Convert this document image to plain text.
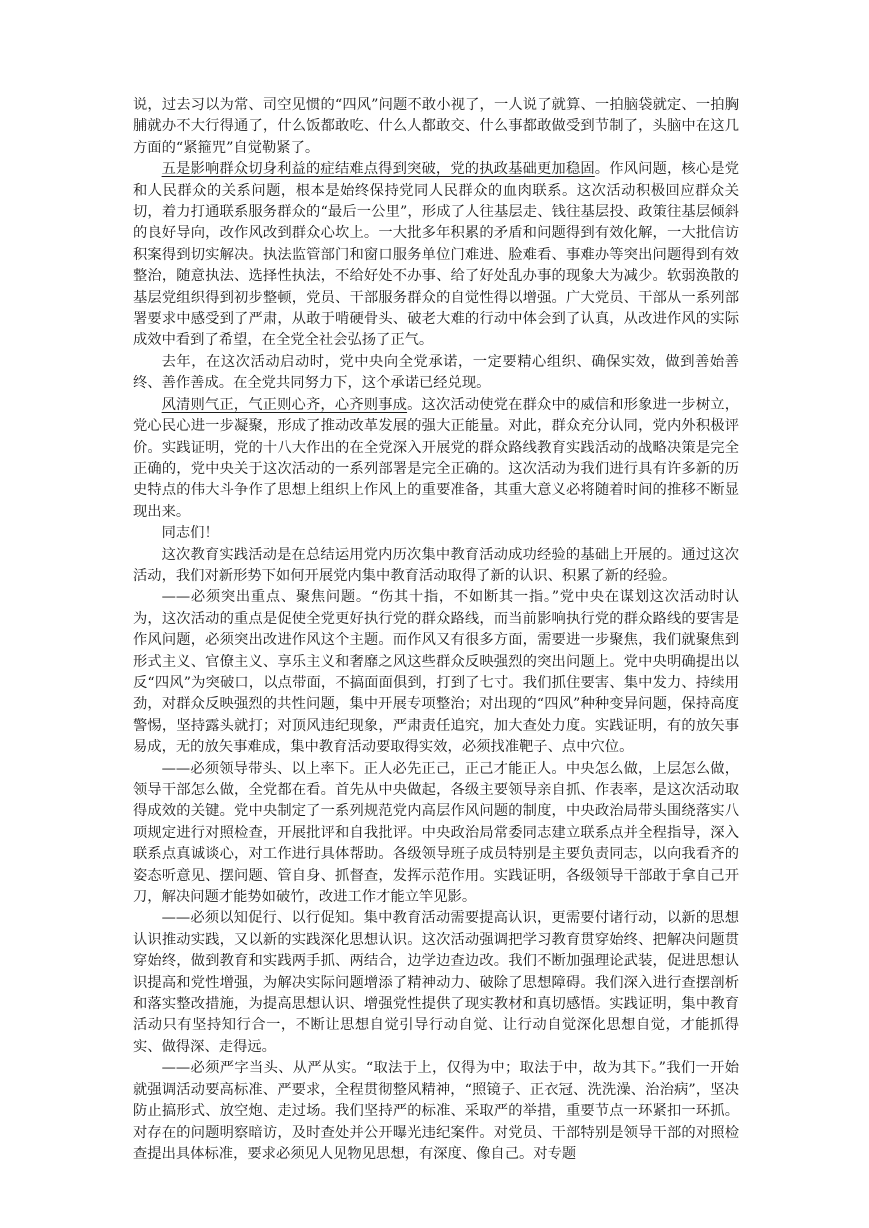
说，过去习以为常、司空见惯的“四风”问题不敢小视了，一人说了就算、一拍脑袋就定、一拍胸脯就办不大行得通了，什么饭都敢吃、什么人都敢交、什么事都敢做受到节制了，头脑中在这几方面的“紧箍咒”自觉勒紧了。

五是影响群众切身利益的症结难点得到突破，党的执政基础更加稳固。作风问题，核心是党和人民群众的关系问题，根本是始终保持党同人民群众的血肉联系。这次活动积极回应群众关切，着力打通联系服务群众的“最后一公里”，形成了人往基层走、钱往基层投、政策往基层倾斜的良好导向，改作风改到群众心坎上。一大批多年积累的矛盾和问题得到有效化解，一大批信访积案得到切实解决。执法监管部门和窗口服务单位门难进、脸难看、事难办等突出问题得到有效整治，随意执法、选择性执法，不给好处不办事、给了好处乱办事的现象大为减少。软弱涣散的基层党组织得到初步整顿，党员、干部服务群众的自觉性得以增强。广大党员、干部从一系列部署要求中感受到了严肃，从敢于啃硬骨头、破老大难的行动中体会到了认真，从改进作风的实际成效中看到了希望，在全党全社会弘扬了正气。

去年，在这次活动启动时，党中央向全党承诺，一定要精心组织、确保实效，做到善始善终、善作善成。在全党共同努力下，这个承诺已经兑现。

风清则气正，气正则心齐，心齐则事成。这次活动使党在群众中的威信和形象进一步树立，党心民心进一步凝聚，形成了推动改革发展的强大正能量。对此，群众充分认同，党内外积极评价。实践证明，党的十八大作出的在全党深入开展党的群众路线教育实践活动的战略决策是完全正确的，党中央关于这次活动的一系列部署是完全正确的。这次活动为我们进行具有许多新的历史特点的伟大斗争作了思想上组织上作风上的重要准备，其重大意义必将随着时间的推移不断显现出来。

同志们！

这次教育实践活动是在总结运用党内历次集中教育活动成功经验的基础上开展的。通过这次活动，我们对新形势下如何开展党内集中教育活动取得了新的认识、积累了新的经验。

——必须突出重点、聚焦问题。“伤其十指，不如断其一指。”党中央在谋划这次活动时认为，这次活动的重点是促使全党更好执行党的群众路线，而当前影响执行党的群众路线的要害是作风问题，必须突出改进作风这个主题。而作风又有很多方面，需要进一步聚焦，我们就聚焦到形式主义、官僚主义、享乐主义和奢靡之风这些群众反映强烈的突出问题上。党中央明确提出以反“四风”为突破口，以点带面，不搞面面俱到，打到了七寸。我们抓住要害、集中发力、持续用劲，对群众反映强烈的共性问题，集中开展专项整治；对出现的“四风”种种变异问题，保持高度警惕，坚持露头就打；对顶风违纪现象，严肃责任追究，加大查处力度。实践证明，有的放矢事易成，无的放矢事难成，集中教育活动要取得实效，必须找准靶子、点中穴位。

——必须领导带头、以上率下。正人必先正己，正己才能正人。中央怎么做，上层怎么做，领导干部怎么做，全党都在看。首先从中央做起，各级主要领导亲自抓、作表率，是这次活动取得成效的关键。党中央制定了一系列规范党内高层作风问题的制度，中央政治局带头围绕落实八项规定进行对照检查，开展批评和自我批评。中央政治局常委同志建立联系点并全程指导，深入联系点真诚谈心，对工作进行具体帮助。各级领导班子成员特别是主要负责同志，以向我看齐的姿态听意见、摆问题、管自身、抓督查，发挥示范作用。实践证明，各级领导干部敢于拿自己开刀，解决问题才能势如破竹，改进工作才能立竿见影。

——必须以知促行、以行促知。集中教育活动需要提高认识，更需要付诸行动，以新的思想认识推动实践，又以新的实践深化思想认识。这次活动强调把学习教育贯穿始终、把解决问题贯穿始终，做到教育和实践两手抓、两结合，边学边查边改。我们不断加强理论武装，促进思想认识提高和党性增强，为解决实际问题增添了精神动力、破除了思想障碍。我们深入进行查摆剖析和落实整改措施，为提高思想认识、增强党性提供了现实教材和真切感悟。实践证明，集中教育活动只有坚持知行合一，不断让思想自觉引导行动自觉、让行动自觉深化思想自觉，才能抓得实、做得深、走得远。

——必须严字当头、从严从实。“取法于上，仅得为中；取法于中，故为其下。”我们一开始就强调活动要高标准、严要求，全程贯彻整风精神，“照镜子、正衣冠、洗洗澡、治治病”，坚决防止搞形式、放空炮、走过场。我们坚持严的标准、采取严的举措，重要节点一环紧扣一环抓。对存在的问题明察暗访，及时查处并公开曝光违纪案件。对党员、干部特别是领导干部的对照检查提出具体标准，要求必须见人见物见思想，有深度、像自己。对专题
